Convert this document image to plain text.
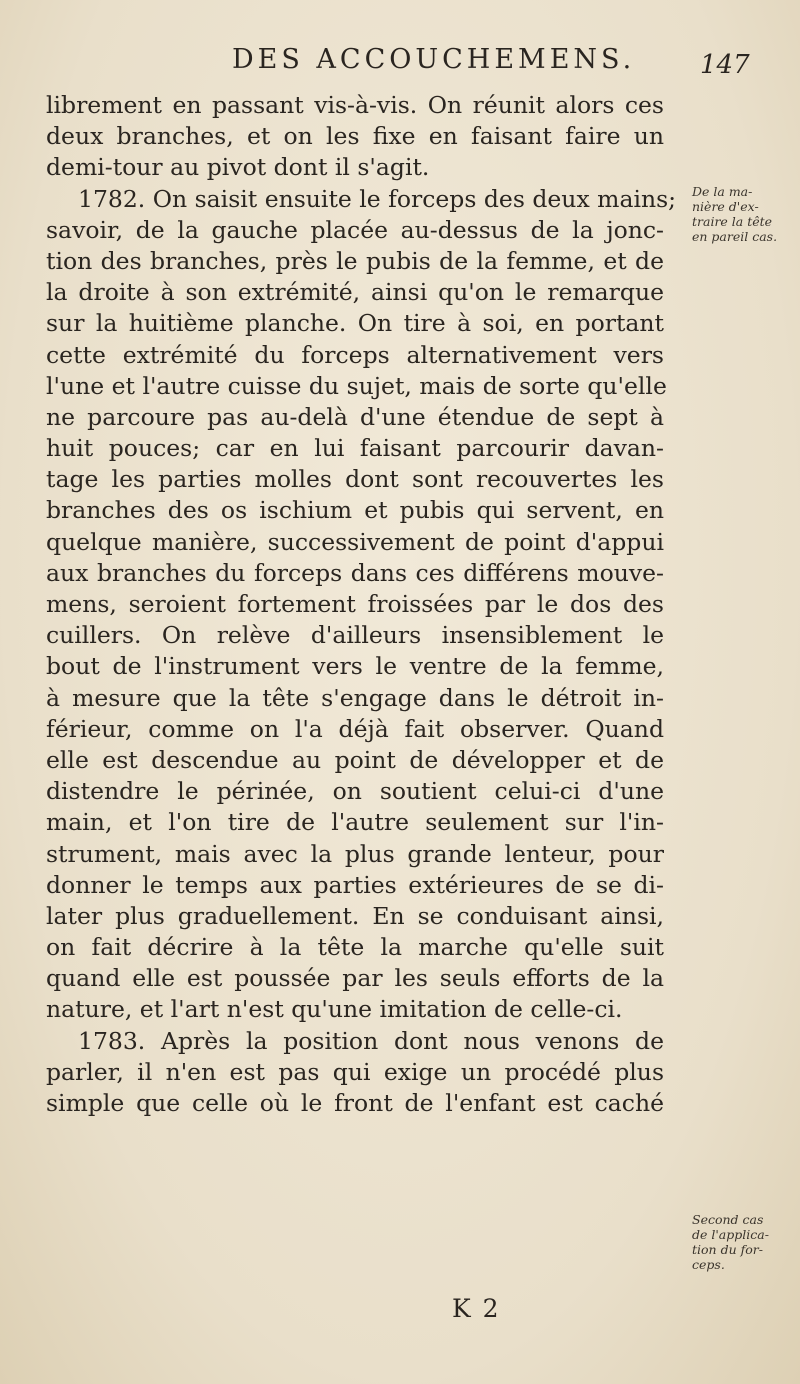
DES ACCOUCHEMENS. 147
librement en passant vis-à-vis. On réunit alors ces
deux branches, et on les fixe en faisant faire un
demi-tour au pivot dont il s'agit.
1782. On saisit ensuite le forceps des deux mains;
savoir, de la gauche placée au-dessus de la jonc-
tion des branches, près le pubis de la femme, et de
la droite à son extrémité, ainsi qu'on le remarque
sur la huitième planche. On tire à soi, en portant
cette extrémité du forceps alternativement vers
l'une et l'autre cuisse du sujet, mais de sorte qu'elle
ne parcoure pas au-delà d'une étendue de sept à
huit pouces; car en lui faisant parcourir davan-
tage les parties molles dont sont recouvertes les
branches des os ischium et pubis qui servent, en
quelque manière, successivement de point d'appui
aux branches du forceps dans ces différens mouve-
mens, seroient fortement froissées par le dos des
cuillers. On relève d'ailleurs insensiblement le
bout de l'instrument vers le ventre de la femme,
à mesure que la tête s'engage dans le détroit in-
férieur, comme on l'a déjà fait observer. Quand
elle est descendue au point de développer et de
distendre le périnée, on soutient celui-ci d'une
main, et l'on tire de l'autre seulement sur l'in-
strument, mais avec la plus grande lenteur, pour
donner le temps aux parties extérieures de se di-
later plus graduellement. En se conduisant ainsi,
on fait décrire à la tête la marche qu'elle suit
quand elle est poussée par les seuls efforts de la
nature, et l'art n'est qu'une imitation de celle-ci.
1783. Après la position dont nous venons de
parler, il n'en est pas qui exige un procédé plus
simple que celle où le front de l'enfant est caché
De la ma-
nière d'ex-
traire la tête
en pareil cas.
Second cas
de l'applica-
tion du for-
ceps.
K 2
